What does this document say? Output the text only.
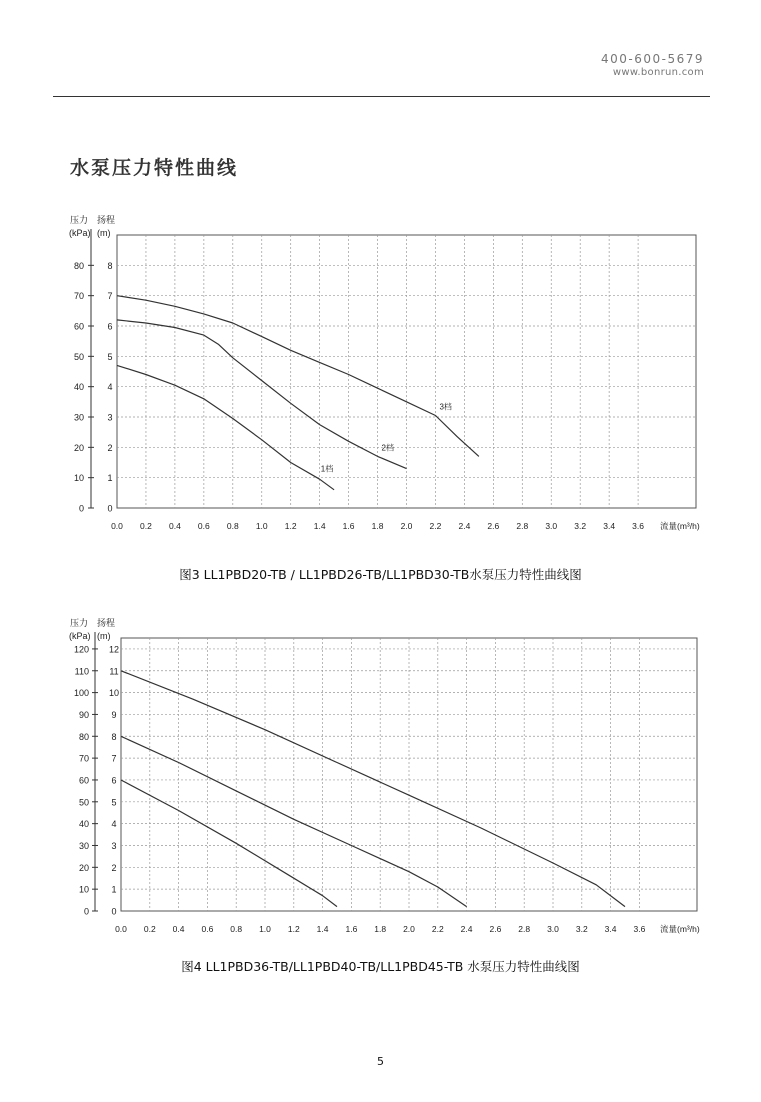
400-600-5679
www.bonrun.com
水泵压力特性曲线
0	0
10	1
20	2
30	3
40	4
50	5
60	6
70	7
80	8
压力
(kPa)
扬程
(m)
0.0 0.2 0.4 0.6 0.8 1.0 1.2 1.4 1.6 1.8 2.0 2.2 2.4 2.6 2.8 3.0 3.2 3.4 3.6 流量 (m³/h)
1档
2档
3档
图3 LL1PBD20-TB / LL1PBD26-TB/LL1PBD30-TB水泵压力特性曲线图
0 0
10 1
20 2
30 3
40 4
50 5
60 6
70 7
80 8
90 9
100 10
110 11
120 12
压力
(kPa)
扬程
(m)
0.0 0.2 0.4 0.6 0.8 1.0 1.2 1.4 1.6 1.8 2.0 2.2 2.4 2.6 2.8 3.0 3.2 3.4 3.6 流量 (m³/h)
图4 LL1PBD36-TB/LL1PBD40-TB/LL1PBD45-TB 水泵压力特性曲线图
5
